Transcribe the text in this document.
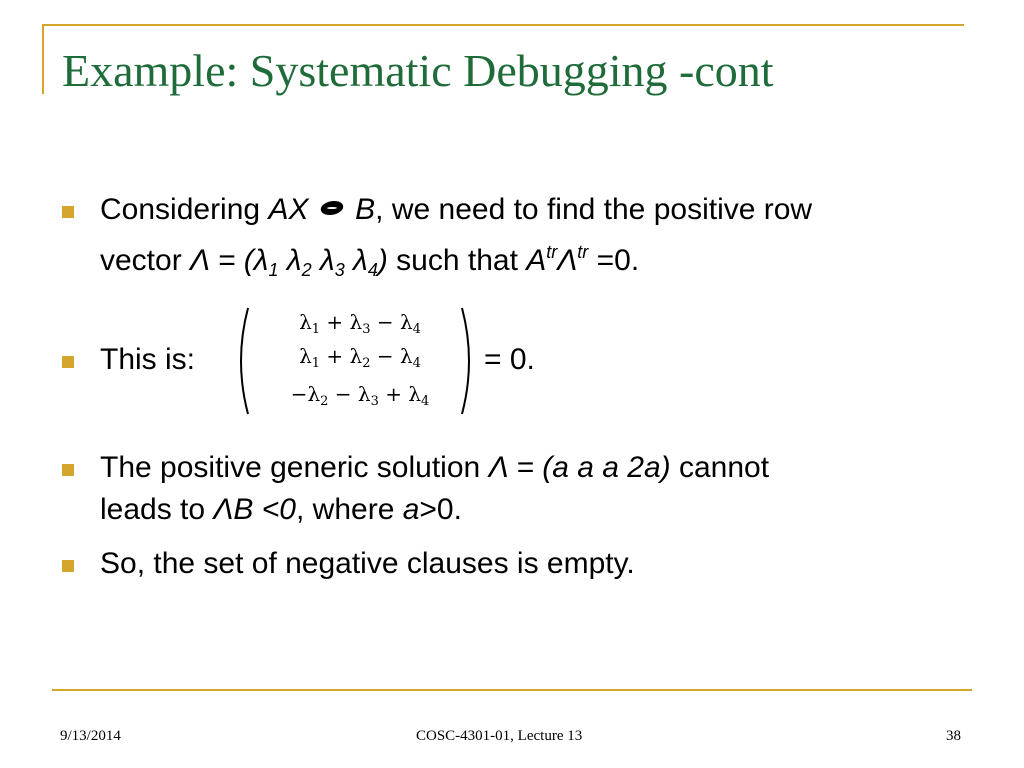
Example: Systematic Debugging -cont
Considering AX B, we need to find the positive row
vector $\Lambda = (\lambda_1$ $\lambda_2$ $\lambda_3$ $\lambda_4$) such that $A^{tr}\Lambda^{tr} =0$.
This is:
$\lambda_1 + \lambda_3 - \lambda_4$
$\lambda_1 + \lambda_2 - \lambda_4$
$-\lambda_2 - \lambda_3 + \lambda_4$
= 0.
The positive generic solution Λ = (a a a 2a) cannot
leads to ΛB <0, where a>0.
So, the set of negative clauses is empty.
9/13/2014	COSC-4301-01, Lecture 13	38
